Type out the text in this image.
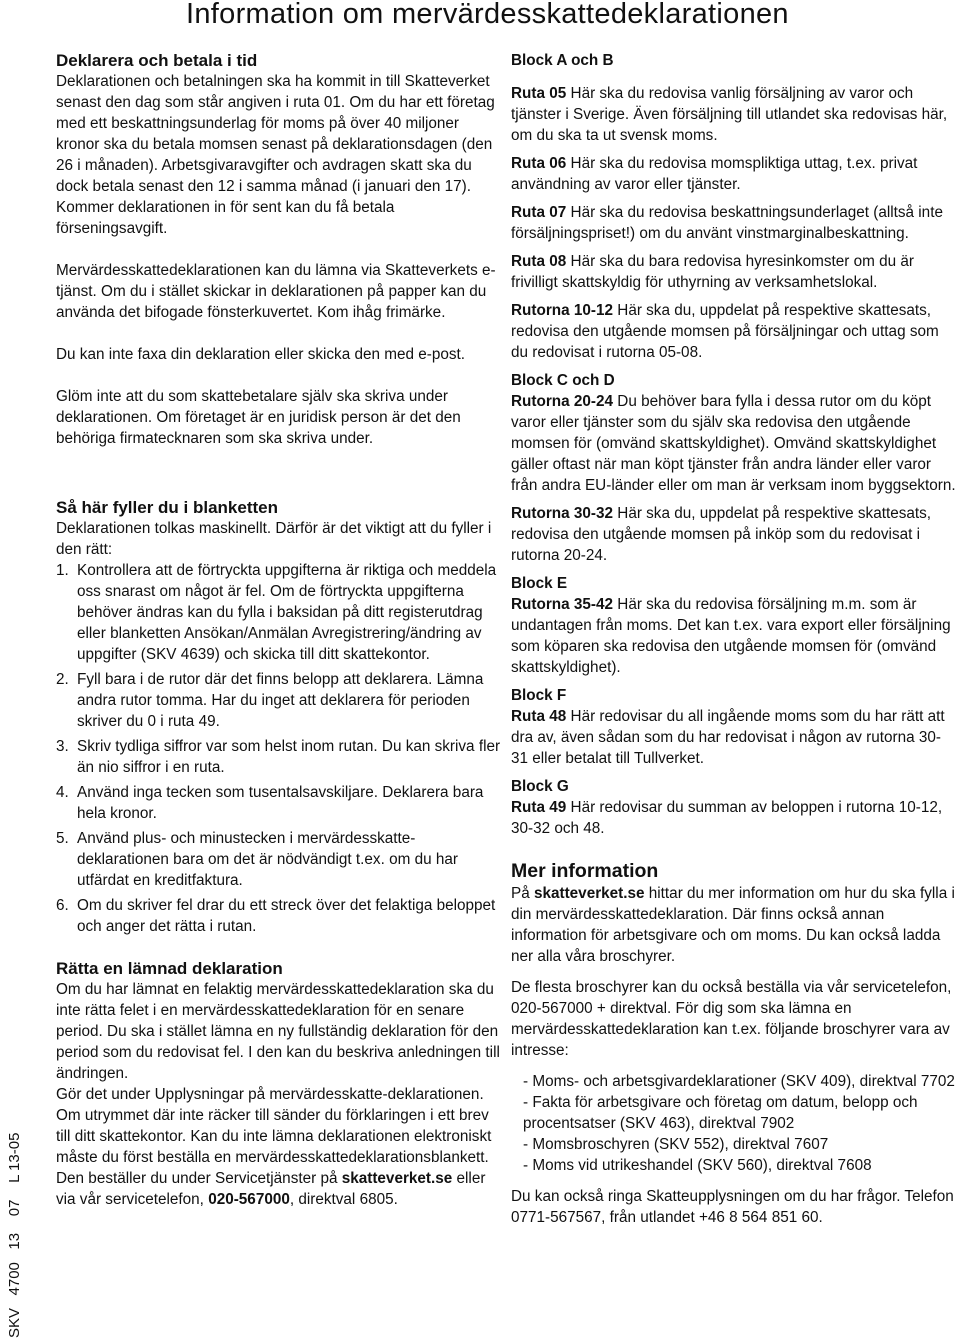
Information om mervärdesskattedeklarationen
SKV   4700   13    07    L 13-05

Deklarera och betala i tid

Deklarationen och betalningen ska ha kommit in till Skatteverket senast den dag som står angiven i ruta 01. Om du har ett företag med ett beskattningsunderlag för moms på över 40 miljoner kronor ska du betala momsen senast på deklarationsdagen (den 26 i månaden). Arbetsgivaravgifter och avdragen skatt ska du dock betala senast den 12 i samma månad (i januari den 17). Kommer deklarationen in för sent kan du få betala förseningsavgift.

Mervärdesskattedeklarationen kan du lämna via Skatteverkets e-tjänst. Om du i stället skickar in deklarationen på papper kan du använda det bifogade fönsterkuvertet. Kom ihåg frimärke.

Du kan inte faxa din deklaration eller skicka den med e-post.

Glöm inte att du som skattebetalare själv ska skriva under deklarationen. Om företaget är en juridisk person är det den behöriga firmatecknaren som ska skriva under.

Så här fyller du i blanketten

Deklarationen tolkas maskinellt. Därför är det viktigt att du fyller i den rätt:

1. Kontrollera att de förtryckta uppgifterna är riktiga och meddela oss snarast om något är fel. Om de förtryckta uppgifterna behöver ändras kan du fylla i baksidan på ditt registerutdrag eller blanketten Ansökan/Anmälan Avregistrering/ändring av uppgifter (SKV 4639) och skicka till ditt skattekontor.
2. Fyll bara i de rutor där det finns belopp att deklarera. Lämna andra rutor tomma. Har du inget att deklarera för perioden skriver du 0 i ruta 49.
3. Skriv tydliga siffror var som helst inom rutan. Du kan skriva fler än nio siffror i en ruta.
4. Använd inga tecken som tusentalsavskiljare. Deklarera bara hela kronor.
5. Använd plus- och minustecken i mervärdesskatte-deklarationen bara om det är nödvändigt t.ex. om du har utfärdat en kreditfaktura.
6. Om du skriver fel drar du ett streck över det felaktiga beloppet och anger det rätta i rutan.

Rätta en lämnad deklaration

Om du har lämnat en felaktig mervärdesskattedeklaration ska du inte rätta felet i en mervärdesskattedeklaration för en senare period. Du ska i stället lämna en ny fullständig deklaration för den period som du redovisat fel. I den kan du beskriva anledningen till ändringen.

Gör det under Upplysningar på mervärdesskatte-deklarationen. Om utrymmet där inte räcker till sänder du förklaringen i ett brev till ditt skattekontor. Kan du inte lämna deklarationen elektroniskt måste du först beställa en mervärdesskattedeklarationsblankett. Den beställer du under Servicetjänster på skatteverket.se eller via vår servicetelefon, 020-567000, direktval 6805.

Block A och B

Ruta 05 Här ska du redovisa vanlig försäljning av varor och tjänster i Sverige. Även försäljning till utlandet ska redovisas här, om du ska ta ut svensk moms.

Ruta 06 Här ska du redovisa momspliktiga uttag, t.ex. privat användning av varor eller tjänster.

Ruta 07 Här ska du redovisa beskattningsunderlaget (alltså inte försäljningspriset!) om du använt vinstmarginalbeskattning.

Ruta 08 Här ska du bara redovisa hyresinkomster om du är frivilligt skattskyldig för uthyrning av verksamhetslokal.

Rutorna 10-12 Här ska du, uppdelat på respektive skattesats, redovisa den utgående momsen på försäljningar och uttag som du redovisat i rutorna 05-08.

Block C och D

Rutorna 20-24 Du behöver bara fylla i dessa rutor om du köpt varor eller tjänster som du själv ska redovisa den utgående momsen för (omvänd skattskyldighet). Omvänd skattskyldighet gäller oftast när man köpt tjänster från andra länder eller varor från andra EU-länder eller om man är verksam inom byggsektorn.

Rutorna 30-32 Här ska du, uppdelat på respektive skattesats, redovisa den utgående momsen på inköp som du redovisat i rutorna 20-24.

Block E

Rutorna 35-42 Här ska du redovisa försäljning m.m. som är undantagen från moms. Det kan t.ex. vara export eller försäljning som köparen ska redovisa den utgående momsen för (omvänd skattskyldighet).

Block F

Ruta 48 Här redovisar du all ingående moms som du har rätt att dra av, även sådan som du har redovisat i någon av rutorna 30-31 eller betalat till Tullverket.

Block G

Ruta 49 Här redovisar du summan av beloppen i rutorna 10-12, 30-32 och 48.

Mer information

På skatteverket.se hittar du mer information om hur du ska fylla i din mervärdesskattedeklaration. Där finns också annan information för arbetsgivare och om moms. Du kan också ladda ner alla våra broschyrer.

De flesta broschyrer kan du också beställa via vår servicetelefon, 020-567000 + direktval. För dig som ska lämna en mervärdesskattedeklaration kan t.ex. följande broschyrer vara av intresse:

- Moms- och arbetsgivardeklarationer (SKV 409), direktval 7702
- Fakta för arbetsgivare och företag om datum, belopp och procentsatser (SKV 463), direktval 7902
- Momsbroschyren (SKV 552), direktval 7607
- Moms vid utrikeshandel (SKV 560), direktval 7608

Du kan också ringa Skatteupplysningen om du har frågor. Telefon 0771-567567, från utlandet +46 8 564 851 60.
